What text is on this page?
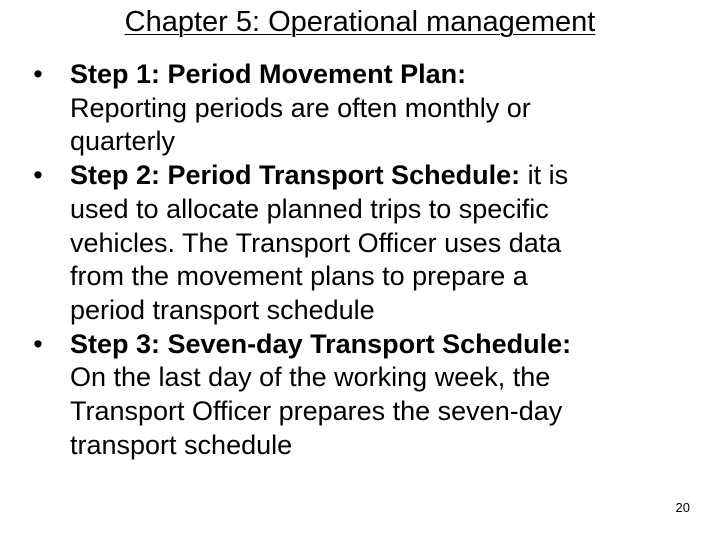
Chapter 5: Operational management
• Step 1: Period Movement Plan:
Reporting periods are often monthly or
quarterly
• Step 2: Period Transport Schedule: it is
used to allocate planned trips to specific
vehicles. The Transport Officer uses data
from the movement plans to prepare a
period transport schedule
• Step 3: Seven-day Transport Schedule:
On the last day of the working week, the
Transport Officer prepares the seven-day
transport schedule
20
